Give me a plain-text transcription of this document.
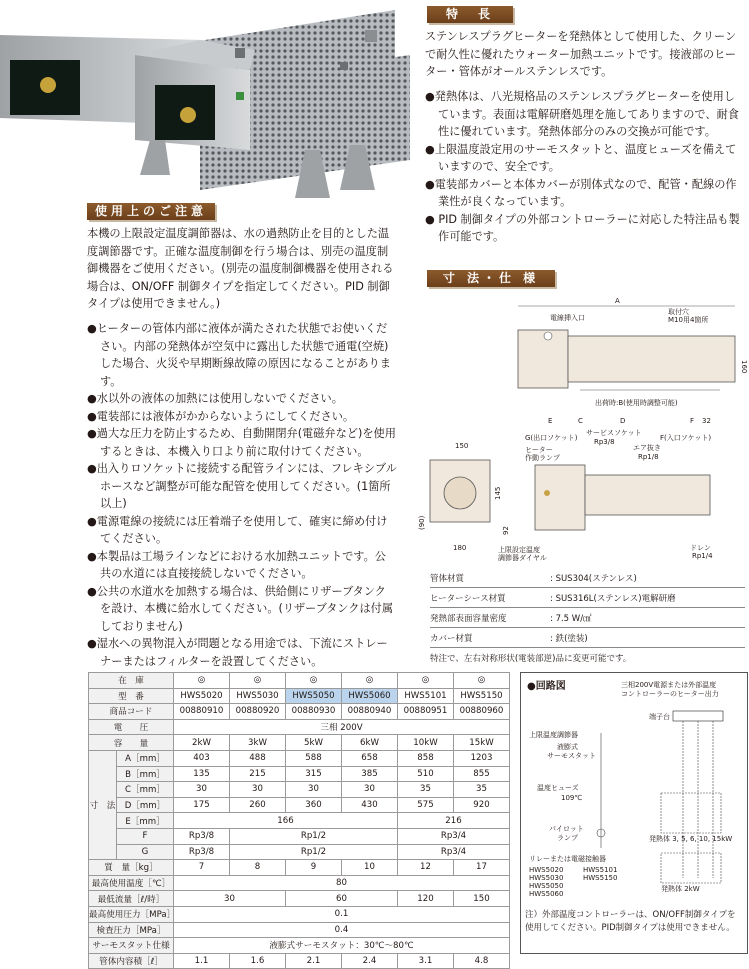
特　長

ステンレスプラグヒーターを発熱体として使用した、クリーンで耐久性に優れたウォーター加熱ユニットです。接液部のヒーター・管体がオールステンレスです。

●発熱体は、八光規格品のステンレスプラグヒーターを使用しています。表面は電解研磨処理を施してありますので、耐食性に優れています。発熱体部分のみの交換が可能です。

●上限温度設定用のサーモスタットと、温度ヒューズを備えていますので、安全です。

●電装部カバーと本体カバーが別体式なので、配管・配線の作業性が良くなっています。

● PID 制御タイプの外部コントローラーに対応した特注品も製作可能です。

使用上のご注意

本機の上限設定温度調節器は、水の過熱防止を目的とした温度調節器です。正確な温度制御を行う場合は、別売の温度制御機器をご使用ください。(別売の温度制御機器を使用される場合は、ON/OFF 制御タイプを指定してください。PID 制御タイプは使用できません。)

●ヒーターの管体内部に液体が満たされた状態でお使いください。内部の発熱体が空気中に露出した状態で通電(空焼)した場合、火災や早期断線故障の原因になることがあります。

●水以外の液体の加熱には使用しないでください。

●電装部には液体がかからないようにしてください。

●過大な圧力を防止するため、自動開閉弁(電磁弁など)を使用するときは、本機入り口より前に取付けてください。

●出入りロソケットに接続する配管ラインには、フレキシブルホースなど調整が可能な配管を使用してください。(1箇所以上)

●電源電線の接続には圧着端子を使用して、確実に締め付けてください。

●本製品は工場ラインなどにおける水加熱ユニットです。公共の水道には直接接続しないでください。

●公共の水道水を加熱する場合は、供給側にリザーブタンクを設け、本機に給水してください。(リザーブタンクは付属しておりません)

●湿水への異物混入が問題となる用途では、下流にストレーナーまたはフィルターを設置してください。

寸 法・仕 様
A
電線挿入口
取付穴
M10用4箇所
出荷時:B(使用時調整可能)
160
E	D
C	F 32
G(出口ソケット)
ヒーター
作動ランプ
サービスソケット
Rp3/8
エア抜き
Rp1/8
F(入口ソケット)
上限設定温度
調節器ダイヤル
ドレン
Rp1/4
150
145
(90)
92
180
管体材質	: SUS304(ステンレス)
ヒーターシース材質	: SUS316L(ステンレス)電解研磨
発熱部表面容量密度	: 7.5 W/㎠
カバー材質	: 鉄(塗装)
特注で、左右対称形状(電装部逆)品に変更可能です。
在　庫		◎	◎	◎	◎	◎	◎
型　番		HWS5020	HWS5030	HWS5050	HWS5060	HWS5101	HWS5150
商品コード		00880910	00880920	00880930	00880940	00880951	00880960
電　　圧		三相 200V					
容　　量		2kW	3kW	5kW	6kW	10kW	15kW
寸　法	A［mm］	403	488	588	658	858	1203
	B［mm］	135	215	315	385	510	855
	C［mm］	30	30	30	30	35	35
	D［mm］	175	260	360	430	575	920
	E［mm］	166				216	
	F	Rp3/8	Rp1/2			Rp3/4	
	G	Rp3/8	Rp1/2			Rp3/4	
質　量［kg］		7	8	9	10	12	17
最高使用温度［℃］		80					
最低流量［ℓ/時］		30		60		120	150
最高使用圧力［MPa］		0.1					
検査圧力［MPa］		0.4					
サーモスタット仕様		液膨式サーモスタット：30℃～80℃					
管体内容積［ℓ］		1.1	1.6	2.1	2.4	3.1	4.8
●回路図	三相200V電源または外部温度
コントローラーのヒーター出力
端子台
上限温度調節器
液膨式
サーモスタット
温度ヒューズ
109℃
パイロット
ランプ
リレーまたは電磁接触器
HWS5020
HWS5030
HWS5050
HWS5060
HWS5101
HWS5150
発熱体 3, 5, 6, 10, 15kW
発熱体 2kW
注）外部温度コントローラーは、ON/OFF制御タイプを使用してください。PID制御タイプは使用できません。
